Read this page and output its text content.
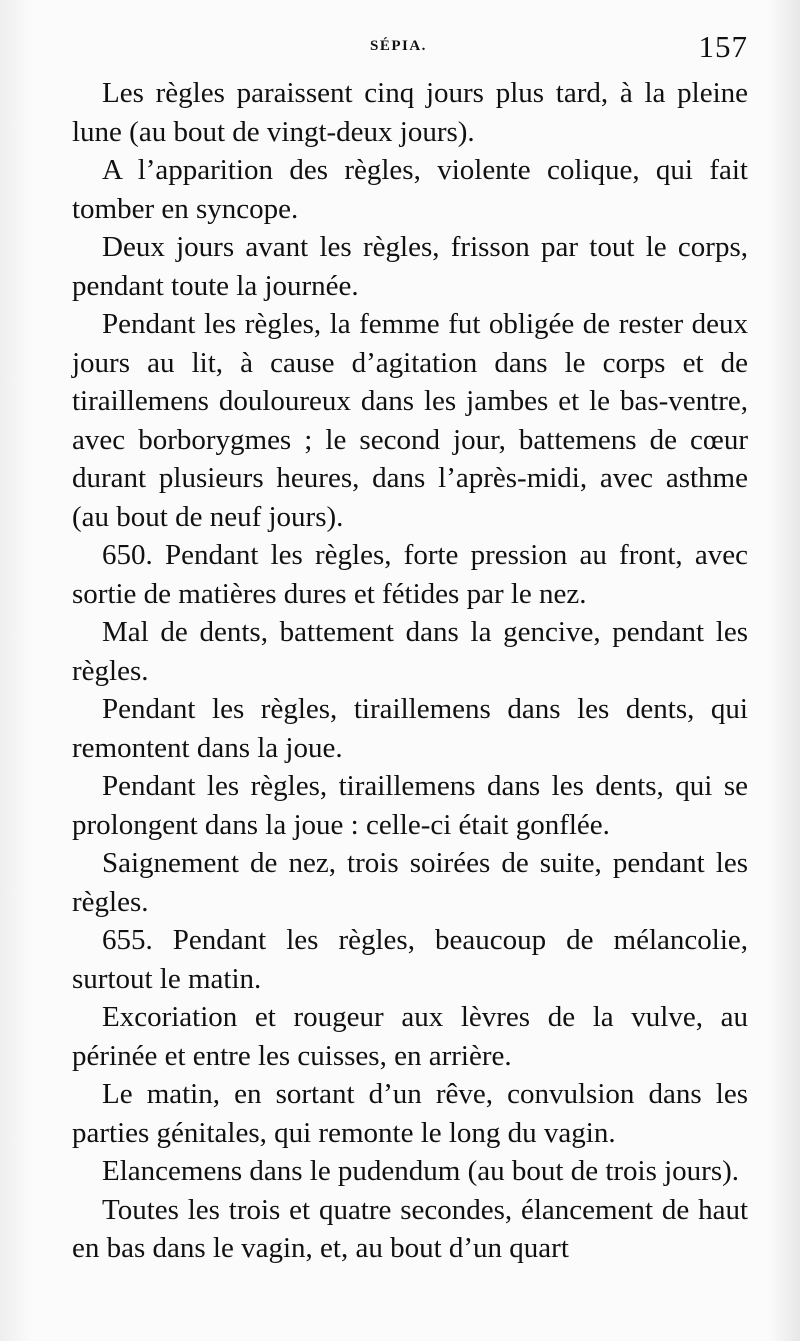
SÉPIA.	157

Les règles paraissent cinq jours plus tard, à la pleine lune (au bout de vingt-deux jours).

A l’apparition des règles, violente colique, qui fait tomber en syncope.

Deux jours avant les règles, frisson par tout le corps, pendant toute la journée.

Pendant les règles, la femme fut obligée de rester deux jours au lit, à cause d’agitation dans le corps et de tiraillemens douloureux dans les jambes et le bas-ventre, avec borborygmes ; le second jour, battemens de cœur durant plusieurs heures, dans l’après-midi, avec asthme (au bout de neuf jours).

650. Pendant les règles, forte pression au front, avec sortie de matières dures et fétides par le nez.

Mal de dents, battement dans la gencive, pendant les règles.

Pendant les règles, tiraillemens dans les dents, qui remontent dans la joue.

Pendant les règles, tiraillemens dans les dents, qui se prolongent dans la joue : celle-ci était gonflée.

Saignement de nez, trois soirées de suite, pendant les règles.

655. Pendant les règles, beaucoup de mélancolie, surtout le matin.

Excoriation et rougeur aux lèvres de la vulve, au périnée et entre les cuisses, en arrière.

Le matin, en sortant d’un rêve, convulsion dans les parties génitales, qui remonte le long du vagin.

Elancemens dans le pudendum (au bout de trois jours).

Toutes les trois et quatre secondes, élancement de haut en bas dans le vagin, et, au bout d’un quart
